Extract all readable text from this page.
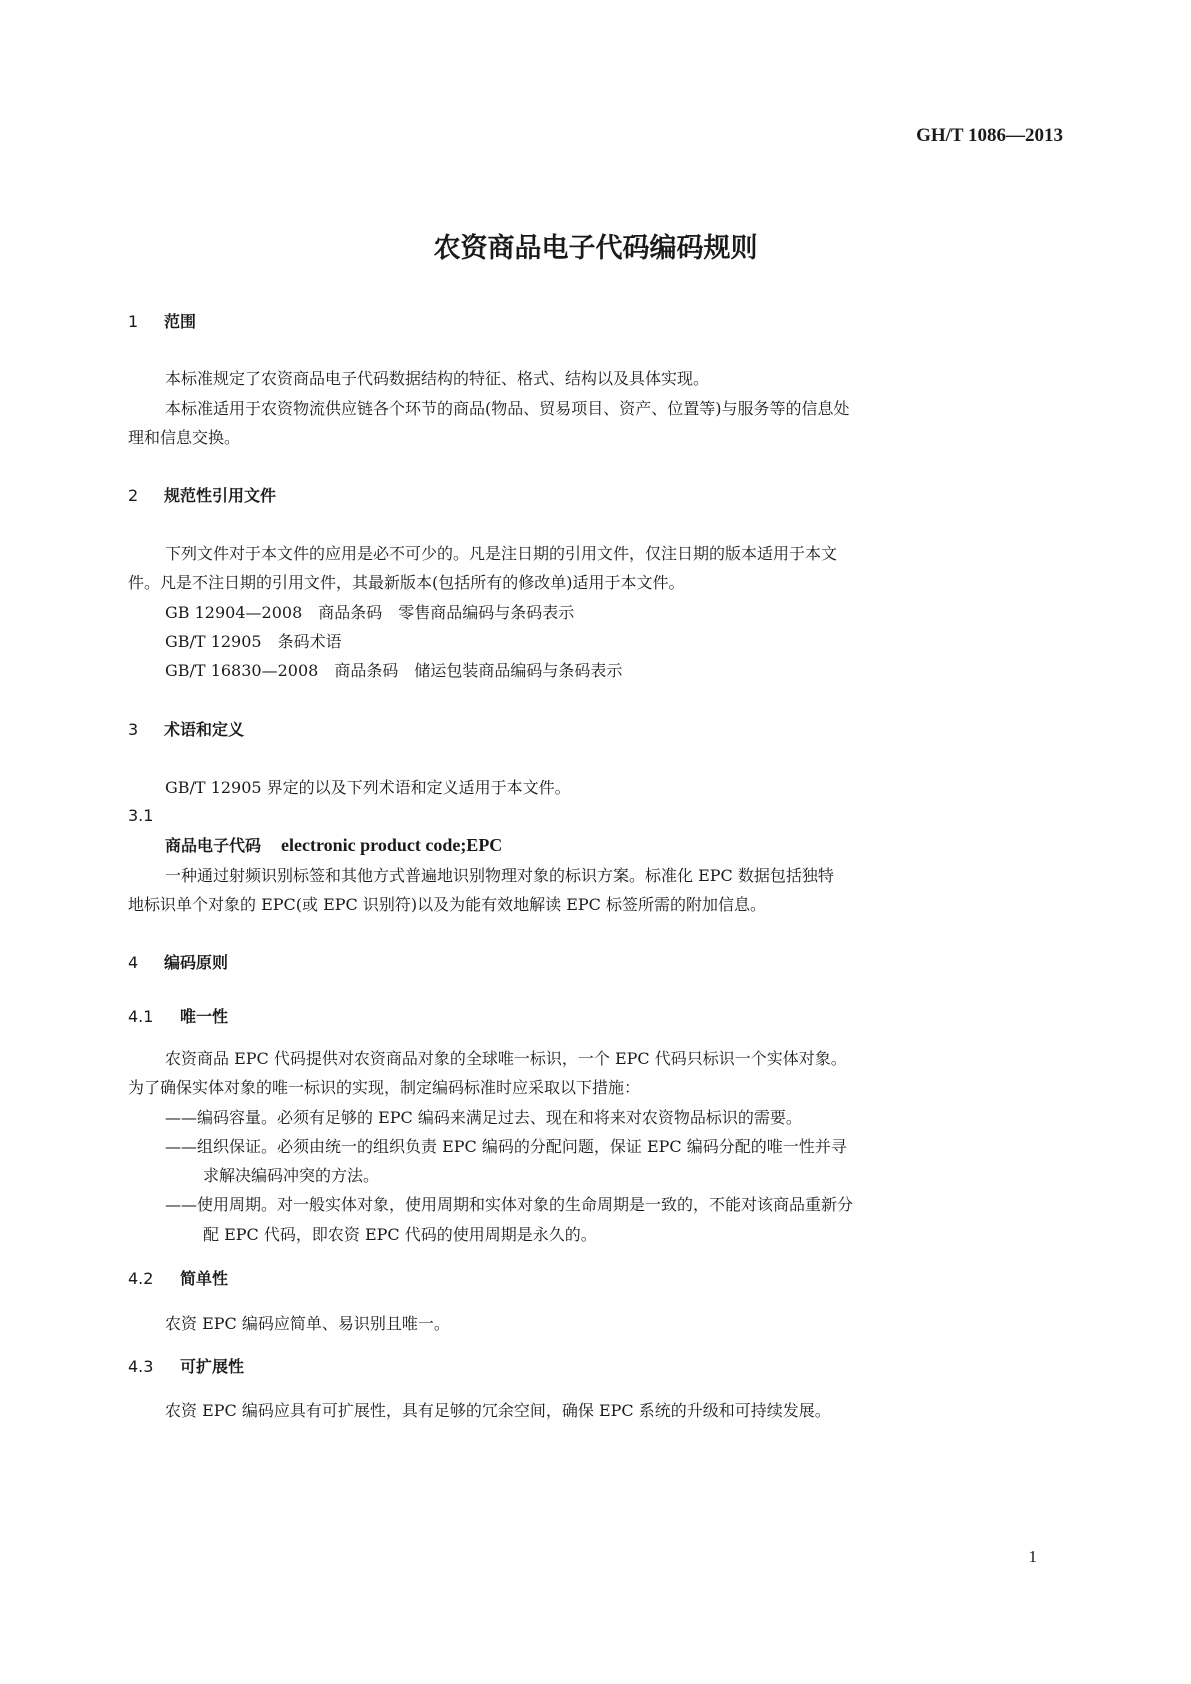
GH/T 1086—2013
农资商品电子代码编码规则
1 范围
本标准规定了农资商品电子代码数据结构的特征、格式、结构以及具体实现。
本标准适用于农资物流供应链各个环节的商品(物品、贸易项目、资产、位置等)与服务等的信息处
理和信息交换。
2 规范性引用文件
下列文件对于本文件的应用是必不可少的。凡是注日期的引用文件，仅注日期的版本适用于本文
件。凡是不注日期的引用文件，其最新版本(包括所有的修改单)适用于本文件。
GB 12904—2008　 商品条码　零售商品编码与条码表示
GB/T 12905　 条码术语
GB/T 16830—2008　 商品条码　储运包装商品编码与条码表示
3 术语和定义
GB/T 12905 界定的以及下列术语和定义适用于本文件。
3.1
商品电子代码 electronic product code;EPC
一种通过射频识别标签和其他方式普遍地识别物理对象的标识方案。标准化 EPC 数据包括独特
地标识单个对象的 EPC(或 EPC 识别符)以及为能有效地解读 EPC 标签所需的附加信息。
4 编码原则
4.1 唯一性
农资商品 EPC 代码提供对农资商品对象的全球唯一标识，一个 EPC 代码只标识一个实体对象。
为了确保实体对象的唯一标识的实现，制定编码标准时应采取以下措施：
——编码容量。必须有足够的 EPC 编码来满足过去、现在和将来对农资物品标识的需要。
——组织保证。必须由统一的组织负责 EPC 编码的分配问题，保证 EPC 编码分配的唯一性并寻
求解决编码冲突的方法。
——使用周期。对一般实体对象，使用周期和实体对象的生命周期是一致的，不能对该商品重新分
配 EPC 代码，即农资 EPC 代码的使用周期是永久的。
4.2 简单性
农资 EPC 编码应简单、易识别且唯一。
4.3 可扩展性
农资 EPC 编码应具有可扩展性，具有足够的冗余空间，确保 EPC 系统的升级和可持续发展。
1
